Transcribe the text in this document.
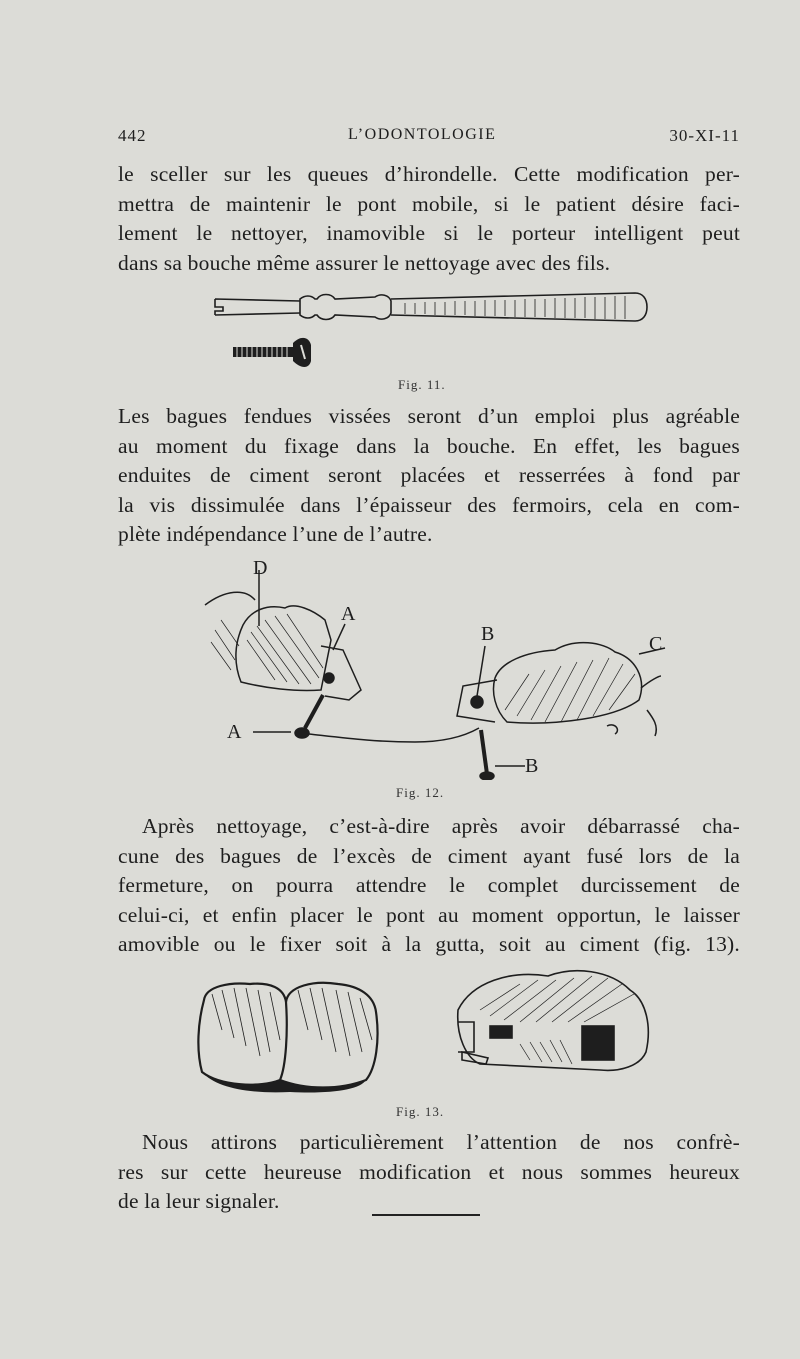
442	L’ODONTOLOGIE	30-XI-11
le sceller sur les queues d’hirondelle. Cette modification per-
mettra de maintenir le pont mobile, si le patient désire faci-
lement le nettoyer, inamovible si le porteur intelligent peut
dans sa bouche même assurer le nettoyage avec des fils.
Fig. 11.
Les bagues fendues vissées seront d’un emploi plus agréable
au moment du fixage dans la bouche. En effet, les bagues
enduites de ciment seront placées et resserrées à fond par
la vis dissimulée dans l’épaisseur des fermoirs, cela en com-
plète indépendance l’une de l’autre.
D
A
A
B
B
C
Fig. 12.
Après nettoyage, c’est-à-dire après avoir débarrassé cha-
cune des bagues de l’excès de ciment ayant fusé lors de la
fermeture, on pourra attendre le complet durcissement de
celui-ci, et enfin placer le pont au moment opportun, le laisser
amovible ou le fixer soit à la gutta, soit au ciment (fig. 13).
Fig. 13.
Nous attirons particulièrement l’attention de nos confrè-
res sur cette heureuse modification et nous sommes heureux
de la leur signaler.
